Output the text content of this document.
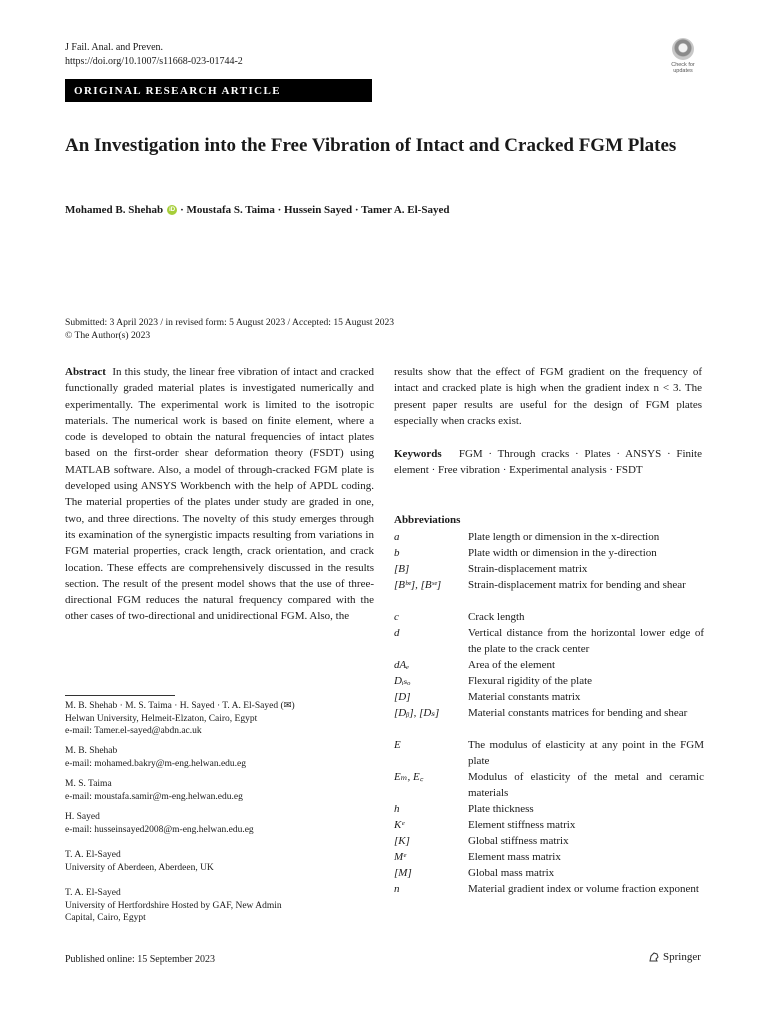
J Fail. Anal. and Preven.
https://doi.org/10.1007/s11668-023-01744-2	Check for updates
ORIGINAL RESEARCH ARTICLE
An Investigation into the Free Vibration of Intact and Cracked FGM Plates
Mohamed B. Shehab	iD · Moustafa S. Taima · Hussein Sayed · Tamer A. El-Sayed
Submitted: 3 April 2023 / in revised form: 5 August 2023 / Accepted: 15 August 2023
© The Author(s) 2023
Abstract In this study, the linear free vibration of intact and cracked functionally graded material plates is investigated numerically and experimentally. The experimental work is limited to the isotropic materials. The numerical work is based on finite element, where a code is developed to obtain the natural frequencies of intact plates based on the first-order shear deformation theory (FSDT) using MATLAB software. Also, a model of through-cracked FGM plate is developed using ANSYS Workbench with the help of APDL coding. The material properties of the plates under study are graded in one, two, and three directions. The novelty of this study emerges through its examination of the synergistic impacts resulting from variations in FGM material properties, crack length, crack orientation, and crack location. These effects are comprehensively discussed in the results section. The result of the present model shows that the use of three-directional FGM reduces the natural frequency compared with the other cases of two-directional and unidirectional FGM. Also, the
M. B. Shehab · M. S. Taima · H. Sayed · T. A. El-Sayed (✉)
Helwan University, Helmeit-Elzaton, Cairo, Egypt
e-mail: Tamer.el-sayed@abdn.ac.uk
M. B. Shehab
e-mail: mohamed.bakry@m-eng.helwan.edu.eg
M. S. Taima
e-mail: moustafa.samir@m-eng.helwan.edu.eg
H. Sayed
e-mail: husseinsayed2008@m-eng.helwan.edu.eg
T. A. El-Sayed
University of Aberdeen, Aberdeen, UK
T. A. El-Sayed
University of Hertfordshire Hosted by GAF, New Admin
Capital, Cairo, Egypt
results show that the effect of FGM gradient on the frequency of intact and cracked plate is high when the gradient index n < 3. The present paper results are useful for the design of FGM plates especially when cracks exist.
Keywords FGM · Through cracks · Plates · ANSYS · Finite element · Free vibration · Experimental analysis · FSDT
Abbreviations
a	Plate length or dimension in the x-direction
b	Plate width or dimension in the y-direction
[B]	Strain-displacement matrix
[Bᵇᵉ], [Bˢᵉ]	Strain-displacement matrix for bending and shear
c	Crack length
d	Vertical distance from the horizontal lower edge of the plate to the crack center
dAₑ	Area of the element
Dᵢₛₒ	Flexural rigidity of the plate
[D]	Material constants matrix
[Dᵦ], [Dₛ]	Material constants matrices for bending and shear
E	The modulus of elasticity at any point in the FGM plate
Eₘ, E꜀	Modulus of elasticity of the metal and ceramic materials
h	Plate thickness
Kᵉ	Element stiffness matrix
[K]	Global stiffness matrix
Mᵉ	Element mass matrix
[M]	Global mass matrix
n	Material gradient index or volume fraction exponent
Published online: 15 September 2023	Springer
